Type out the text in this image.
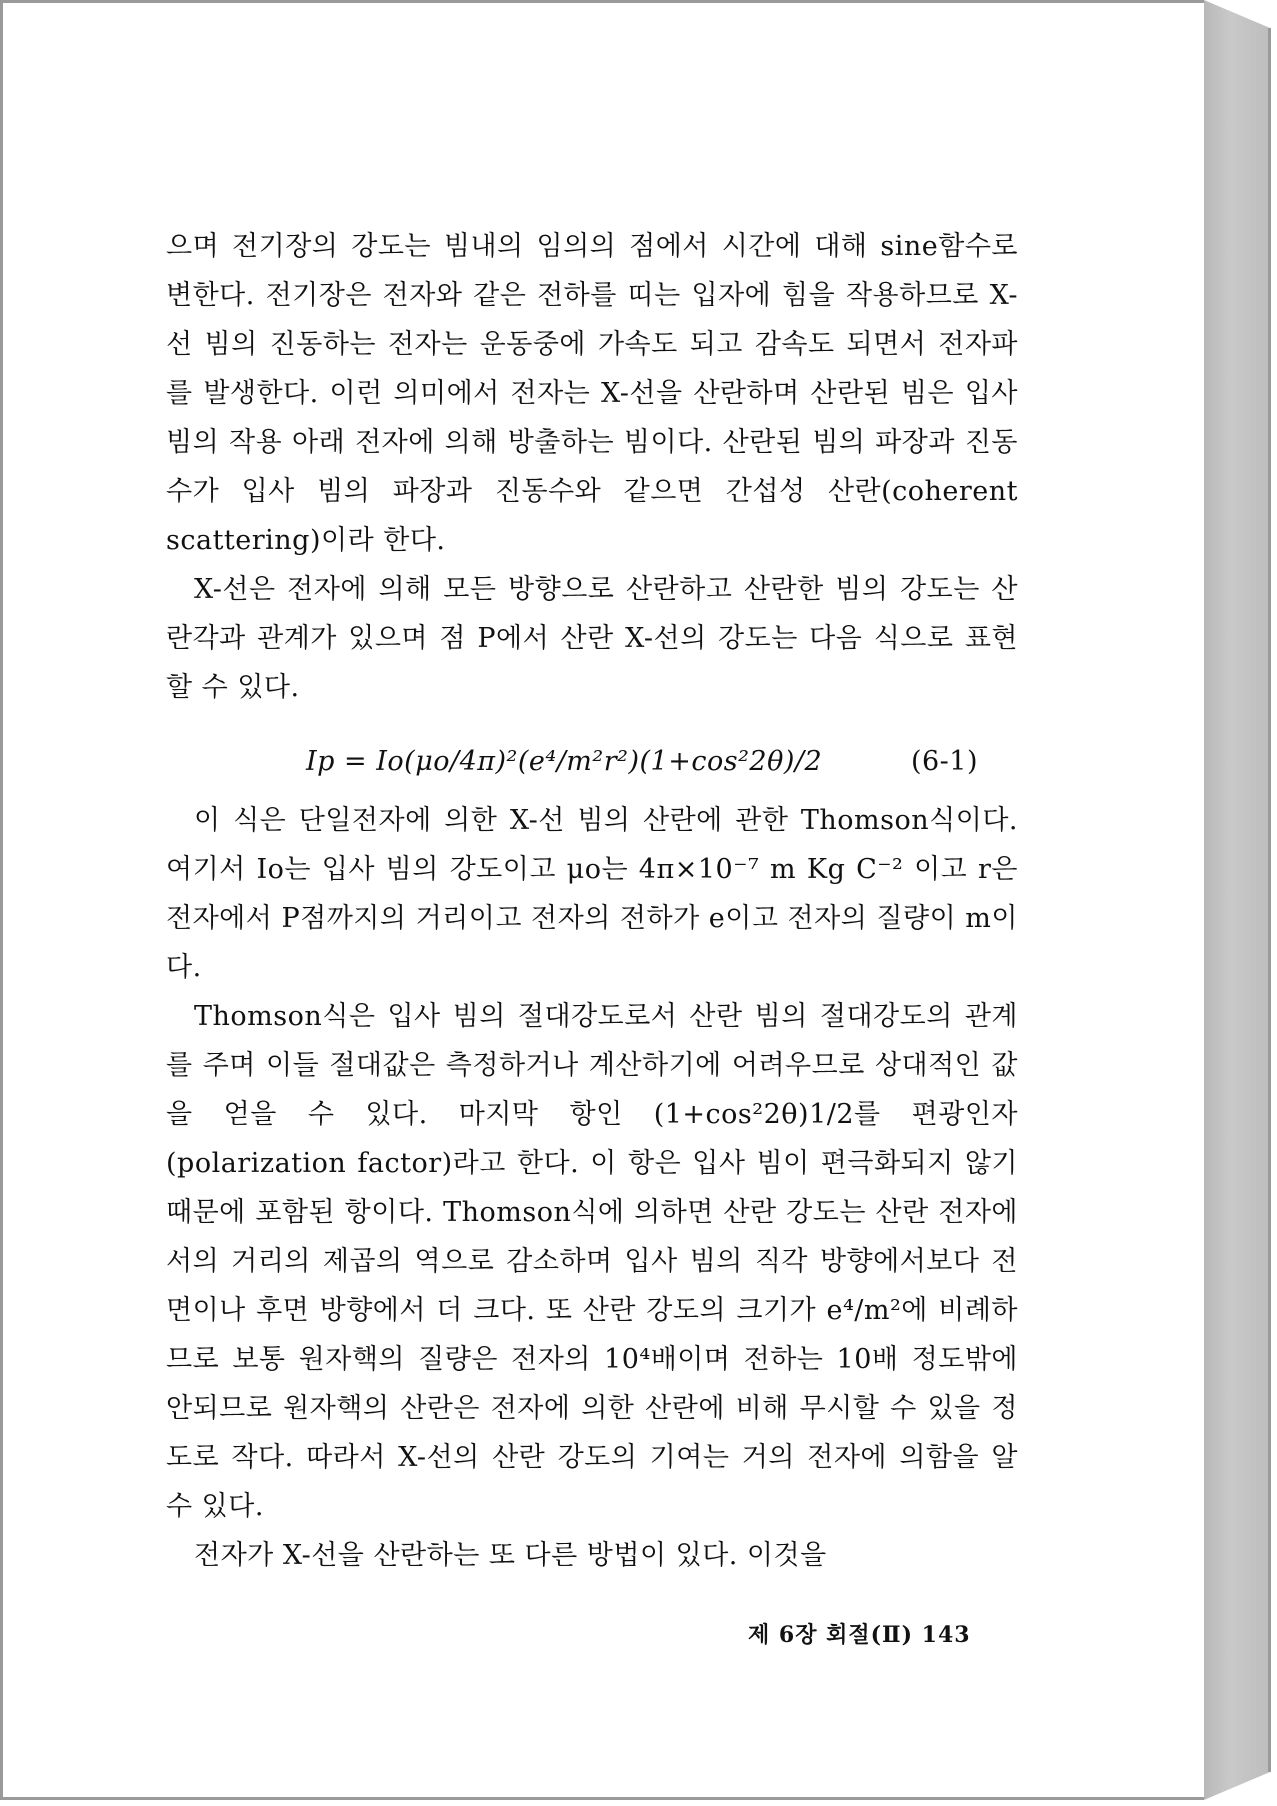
으며 전기장의 강도는 빔내의 임의의 점에서 시간에 대해 sine함수로 변한다. 전기장은 전자와 같은 전하를 띠는 입자에 힘을 작용하므로 X-선 빔의 진동하는 전자는 운동중에 가속도 되고 감속도 되면서 전자파를 발생한다. 이런 의미에서 전자는 X-선을 산란하며 산란된 빔은 입사 빔의 작용 아래 전자에 의해 방출하는 빔이다. 산란된 빔의 파장과 진동수가 입사 빔의 파장과 진동수와 같으면 간섭성 산란(coherent scattering)이라 한다.

X-선은 전자에 의해 모든 방향으로 산란하고 산란한 빔의 강도는 산란각과 관계가 있으며 점 P에서 산란 X-선의 강도는 다음 식으로 표현할 수 있다.

Ip = Io(μo/4π)²(e⁴/m²r²)(1+cos²2θ)/2	(6-1)

이 식은 단일전자에 의한 X-선 빔의 산란에 관한 Thomson식이다. 여기서 Io는 입사 빔의 강도이고 μo는 4π×10⁻⁷ m Kg C⁻² 이고 r은 전자에서 P점까지의 거리이고 전자의 전하가 e이고 전자의 질량이 m이다.

Thomson식은 입사 빔의 절대강도로서 산란 빔의 절대강도의 관계를 주며 이들 절대값은 측정하거나 계산하기에 어려우므로 상대적인 값을 얻을 수 있다. 마지막 항인 (1+cos²2θ)1/2를 편광인자(polarization factor)라고 한다. 이 항은 입사 빔이 편극화되지 않기 때문에 포함된 항이다. Thomson식에 의하면 산란 강도는 산란 전자에서의 거리의 제곱의 역으로 감소하며 입사 빔의 직각 방향에서보다 전면이나 후면 방향에서 더 크다. 또 산란 강도의 크기가 e⁴/m²에 비례하므로 보통 원자핵의 질량은 전자의 10⁴배이며 전하는 10배 정도밖에 안되므로 원자핵의 산란은 전자에 의한 산란에 비해 무시할 수 있을 정도로 작다. 따라서 X-선의 산란 강도의 기여는 거의 전자에 의함을 알 수 있다.

전자가 X-선을 산란하는 또 다른 방법이 있다. 이것을

제 6장 회절(Ⅱ) 143
